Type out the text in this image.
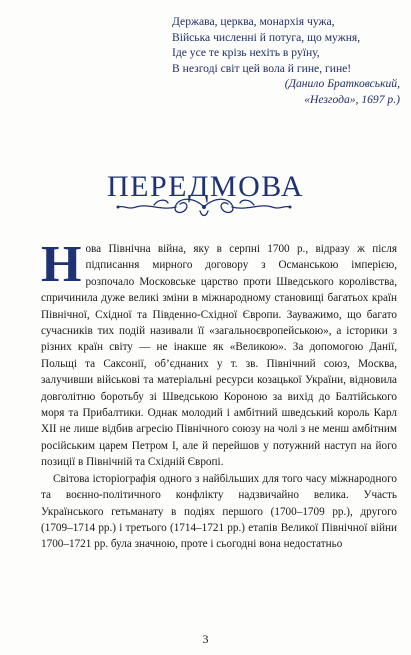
Держава, церква, монархія чужа,
Війська численні й потуга, що мужня,
Іде усе те крізь нехіть в руїну,
В незгоді світ цей вола й гине, гине!
(Данило Братковський,
«Незгода», 1697 р.)
ПЕРЕДМОВА

Нова Північна війна, яку в серпні 1700 р., відразу ж після підписання мирного договору з Османською імперією, розпочало Московське царство проти Шведського королівства, спричинила дуже великі зміни в міжнародному становищі багатьох країн Північної, Східної та Південно-Східної Європи. Зауважимо, що багато сучасників тих подій називали її «загальноєвропейською», а історики з різних країн світу — не інакше як «Великою». За допомогою Данії, Польщі та Саксонії, об’єднаних у т. зв. Північний союз, Москва, залучивши військові та матеріальні ресурси козацької України, відновила довголітню боротьбу зі Шведською Короною за вихід до Балтійського моря та Прибалтики. Однак молодий і амбітний шведський король Карл XII не лише відбив агресію Північного союзу на чолі з не менш амбітним російським царем Петром І, але й перейшов у потужний наступ на його позиції в Північній та Східній Європі.

Світова історіографія одного з найбільших для того часу міжнародного та воєнно-політичного конфлікту надзвичайно велика. Участь Українського гетьманату в подіях першого (1700–1709 рр.), другого (1709–1714 рр.) і третього (1714–1721 рр.) етапів Великої Північної війни 1700–1721 рр. була значною, проте і сьогодні вона недостатньо

3
